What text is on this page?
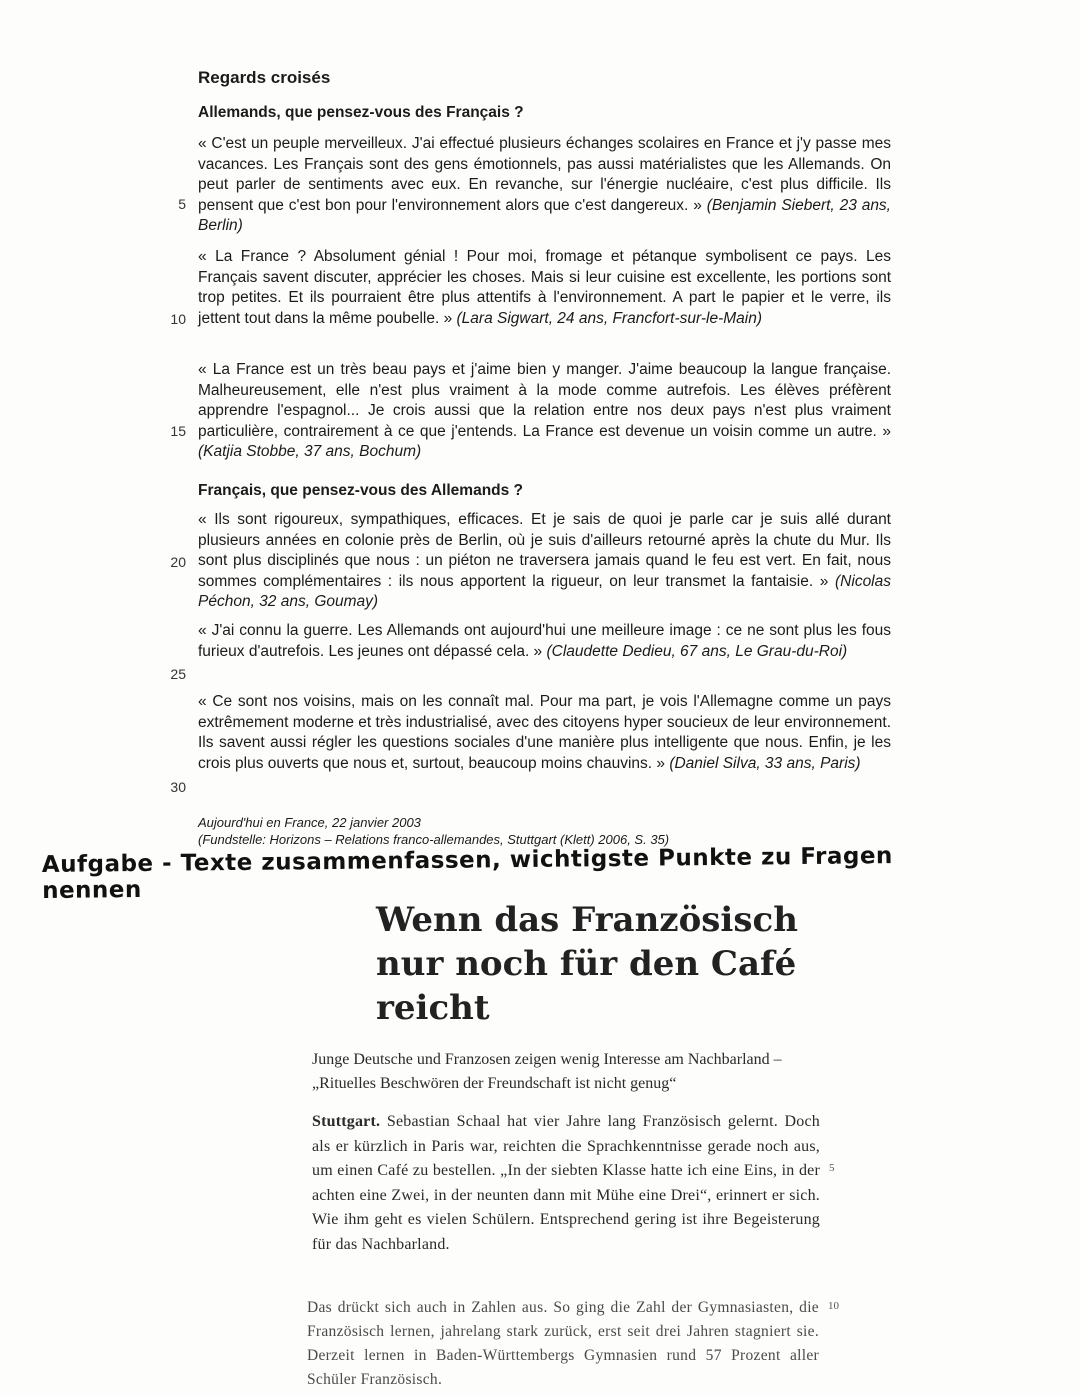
Regards croisés
Allemands, que pensez-vous des Français ?
« C'est un peuple merveilleux. J'ai effectué plusieurs échanges scolaires en France et j'y passe mes vacances. Les Français sont des gens émotionnels, pas aussi matérialistes que les Allemands. On peut parler de sentiments avec eux. En revanche, sur l'énergie nucléaire, c'est plus difficile. Ils pensent que c'est bon pour l'environnement alors que c'est dangereux. » (Benjamin Siebert, 23 ans, Berlin)
« La France ? Absolument génial ! Pour moi, fromage et pétanque symbolisent ce pays. Les Français savent discuter, apprécier les choses. Mais si leur cuisine est excellente, les portions sont trop petites. Et ils pourraient être plus attentifs à l'environnement. A part le papier et le verre, ils jettent tout dans la même poubelle. » (Lara Sigwart, 24 ans, Francfort-sur-le-Main)
« La France est un très beau pays et j'aime bien y manger. J'aime beaucoup la langue française. Malheureusement, elle n'est plus vraiment à la mode comme autrefois. Les élèves préfèrent apprendre l'espagnol... Je crois aussi que la relation entre nos deux pays n'est plus vraiment particulière, contrairement à ce que j'entends. La France est devenue un voisin comme un autre. » (Katjia Stobbe, 37 ans, Bochum)
Français, que pensez-vous des Allemands ?
« Ils sont rigoureux, sympathiques, efficaces. Et je sais de quoi je parle car je suis allé durant plusieurs années en colonie près de Berlin, où je suis d'ailleurs retourné après la chute du Mur. Ils sont plus disciplinés que nous : un piéton ne traversera jamais quand le feu est vert. En fait, nous sommes complémentaires : ils nous apportent la rigueur, on leur transmet la fantaisie. » (Nicolas Péchon, 32 ans, Goumay)
« J'ai connu la guerre. Les Allemands ont aujourd'hui une meilleure image : ce ne sont plus les fous furieux d'autrefois. Les jeunes ont dépassé cela. » (Claudette Dedieu, 67 ans, Le Grau-du-Roi)
« Ce sont nos voisins, mais on les connaît mal. Pour ma part, je vois l'Allemagne comme un pays extrêmement moderne et très industrialisé, avec des citoyens hyper soucieux de leur environnement. Ils savent aussi régler les questions sociales d'une manière plus intelligente que nous. Enfin, je les crois plus ouverts que nous et, surtout, beaucoup moins chauvins. » (Daniel Silva, 33 ans, Paris)
5
10
15
20
25
30
Aujourd'hui en France, 22 janvier 2003
(Fundstelle: Horizons – Relations franco-allemandes, Stuttgart (Klett) 2006, S. 35)
Aufgabe - Texte zusammenfassen, wichtigste Punkte zu Fragen nennen
Wenn das Französisch
nur noch für den Café
reicht
Junge Deutsche und Franzosen zeigen wenig Interesse am Nachbarland – „Rituelles Beschwören der Freundschaft ist nicht genug“
Stuttgart. Sebastian Schaal hat vier Jahre lang Französisch gelernt. Doch als er kürzlich in Paris war, reichten die Sprachkenntnisse gerade noch aus, um einen Café zu bestellen. „In der siebten Klasse hatte ich eine Eins, in der achten eine Zwei, in der neunten dann mit Mühe eine Drei“, erinnert er sich. Wie ihm geht es vielen Schülern. Entsprechend gering ist ihre Begeisterung für das Nachbarland.
5
Das drückt sich auch in Zahlen aus. So ging die Zahl der Gymnasiasten, die Französisch lernen, jahrelang stark zurück, erst seit drei Jahren stagniert sie. Derzeit lernen in Baden-Württembergs Gymnasien rund 57 Prozent aller Schüler Französisch.
10
